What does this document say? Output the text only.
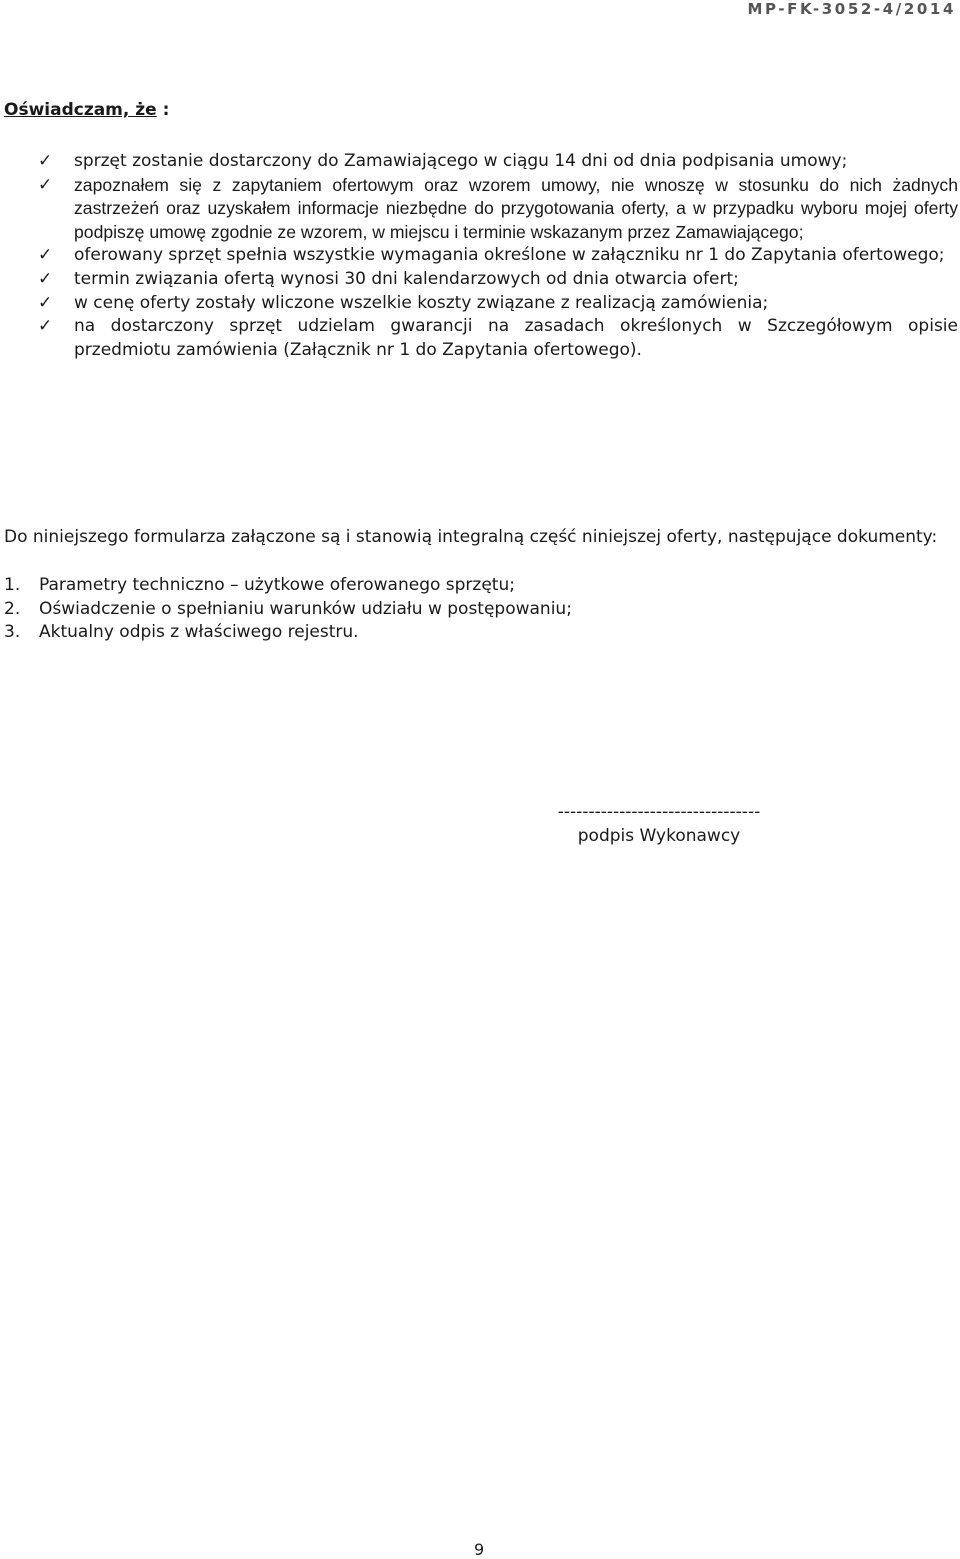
MP-FK-3052-4/2014
Oświadczam, że :
✓ sprzęt zostanie dostarczony do Zamawiającego w ciągu 14 dni od dnia podpisania umowy;
✓ zapoznałem się z zapytaniem ofertowym oraz wzorem umowy, nie wnoszę w stosunku do nich żadnych zastrzeżeń oraz uzyskałem informacje niezbędne do przygotowania oferty, a w przypadku wyboru mojej oferty podpiszę umowę zgodnie ze wzorem, w miejscu i terminie wskazanym przez Zamawiającego;
✓ oferowany sprzęt spełnia wszystkie wymagania określone w załączniku nr 1 do Zapytania ofertowego;
✓ termin związania ofertą wynosi 30 dni kalendarzowych od dnia otwarcia ofert;
✓ w cenę oferty zostały wliczone wszelkie koszty związane z realizacją zamówienia;
✓ na dostarczony sprzęt udzielam gwarancji na zasadach określonych w Szczegółowym opisie przedmiotu zamówienia (Załącznik nr 1 do Zapytania ofertowego).
Do niniejszego formularza załączone są i stanowią integralną część niniejszej oferty, następujące dokumenty:
1. Parametry techniczno – użytkowe oferowanego sprzętu;
2. Oświadczenie o spełnianiu warunków udziału w postępowaniu;
3. Aktualny odpis z właściwego rejestru.
---------------------------------
podpis Wykonawcy
9
